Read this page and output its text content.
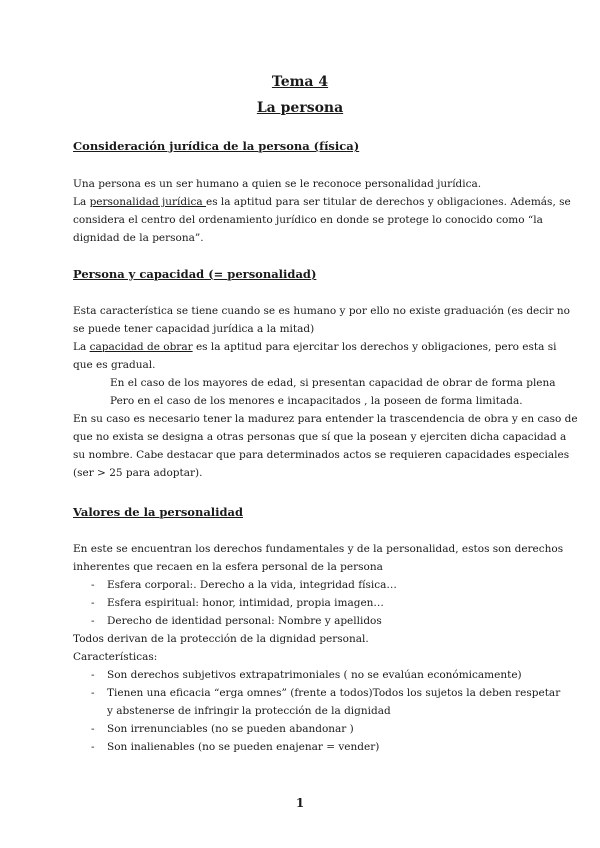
Tema 4
La persona
Consideración jurídica de la persona (física)
Una persona es un ser humano a quien se le reconoce personalidad jurídica.
La personalidad jurídica es la aptitud para ser titular de derechos y obligaciones. Además, se
considera el centro del ordenamiento jurídico en donde se protege lo conocido como “la
dignidad de la persona”.
Persona y capacidad (= personalidad)
Esta característica se tiene cuando se es humano y por ello no existe graduación (es decir no
se puede tener capacidad jurídica a la mitad)
La capacidad de obrar es la aptitud para ejercitar los derechos y obligaciones, pero esta si
que es gradual.
En el caso de los mayores de edad, si presentan capacidad de obrar de forma plena
Pero en el caso de los menores e incapacitados , la poseen de forma limitada.
En su caso es necesario tener la madurez para entender la trascendencia de obra y en caso de
que no exista se designa a otras personas que sí que la posean y ejerciten dicha capacidad a
su nombre. Cabe destacar que para determinados actos se requieren capacidades especiales
(ser > 25 para adoptar).
Valores de la personalidad
En este se encuentran los derechos fundamentales y de la personalidad, estos son derechos
inherentes que recaen en la esfera personal de la persona
- Esfera corporal:. Derecho a la vida, integridad física…
- Esfera espiritual: honor, intimidad, propia imagen…
- Derecho de identidad personal: Nombre y apellidos
Todos derivan de la protección de la dignidad personal.
Características:
- Son derechos subjetivos extrapatrimoniales ( no se evalúan económicamente)
- Tienen una eficacia “erga omnes” (frente a todos)Todos los sujetos la deben respetar
y abstenerse de infringir la protección de la dignidad
- Son irrenunciables (no se pueden abandonar )
- Son inalienables (no se pueden enajenar = vender)
1
